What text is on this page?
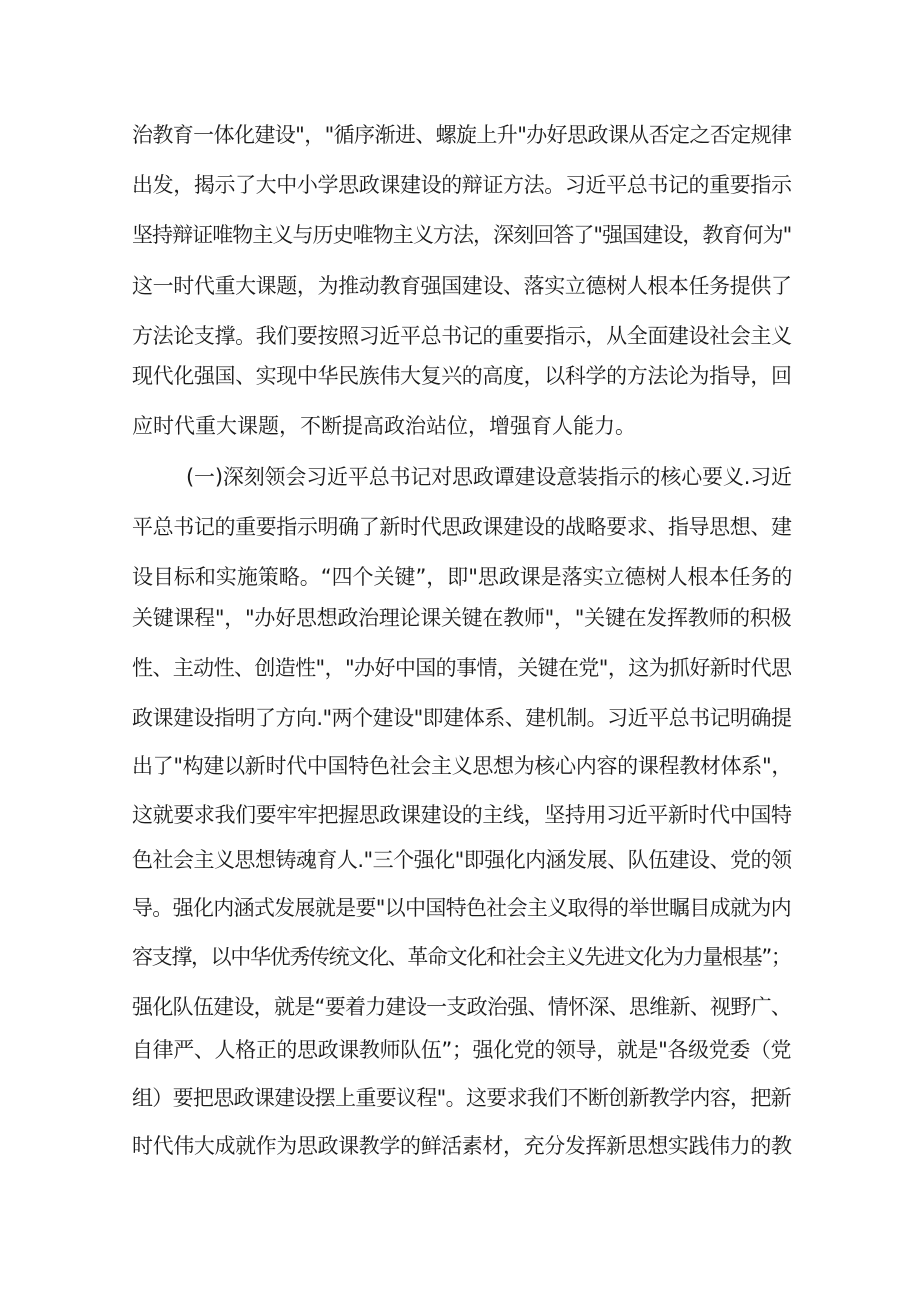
治教育一体化建设"，"循序渐进、螺旋上升"办好思政课从否定之否定规律
出发，揭示了大中小学思政课建设的辩证方法。习近平总书记的重要指示
坚持辩证唯物主义与历史唯物主义方法，深刻回答了"强国建设，教育何为"
这一时代重大课题，为推动教育强国建设、落实立德树人根本任务提供了
方法论支撑。我们要按照习近平总书记的重要指示，从全面建设社会主义
现代化强国、实现中华民族伟大复兴的高度，以科学的方法论为指导，回
应时代重大课题，不断提高政治站位，增强育人能力。
(一)深刻领会习近平总书记对思政谭建设意装指示的核心要义.习近
平总书记的重要指示明确了新时代思政课建设的战略要求、指导思想、建
设目标和实施策略。“四个关键”，即"思政课是落实立德树人根本任务的
关键课程"，"办好思想政治理论课关键在教师"，"关键在发挥教师的积极
性、主动性、创造性"，"办好中国的事情，关键在党"，这为抓好新时代思
政课建设指明了方向."两个建设"即建体系、建机制。习近平总书记明确提
出了"构建以新时代中国特色社会主义思想为核心内容的课程教材体系"，
这就要求我们要牢牢把握思政课建设的主线，坚持用习近平新时代中国特
色社会主义思想铸魂育人."三个强化"即强化内涵发展、队伍建设、党的领
导。强化内涵式发展就是要"以中国特色社会主义取得的举世瞩目成就为内
容支撑，以中华优秀传统文化、革命文化和社会主义先进文化为力量根基”；
强化队伍建设，就是“要着力建设一支政治强、情怀深、思维新、视野广、
自律严、人格正的思政课教师队伍”；强化党的领导，就是"各级党委（党
组）要把思政课建设摆上重要议程"。这要求我们不断创新教学内容，把新
时代伟大成就作为思政课教学的鲜活素材，充分发挥新思想实践伟力的教
